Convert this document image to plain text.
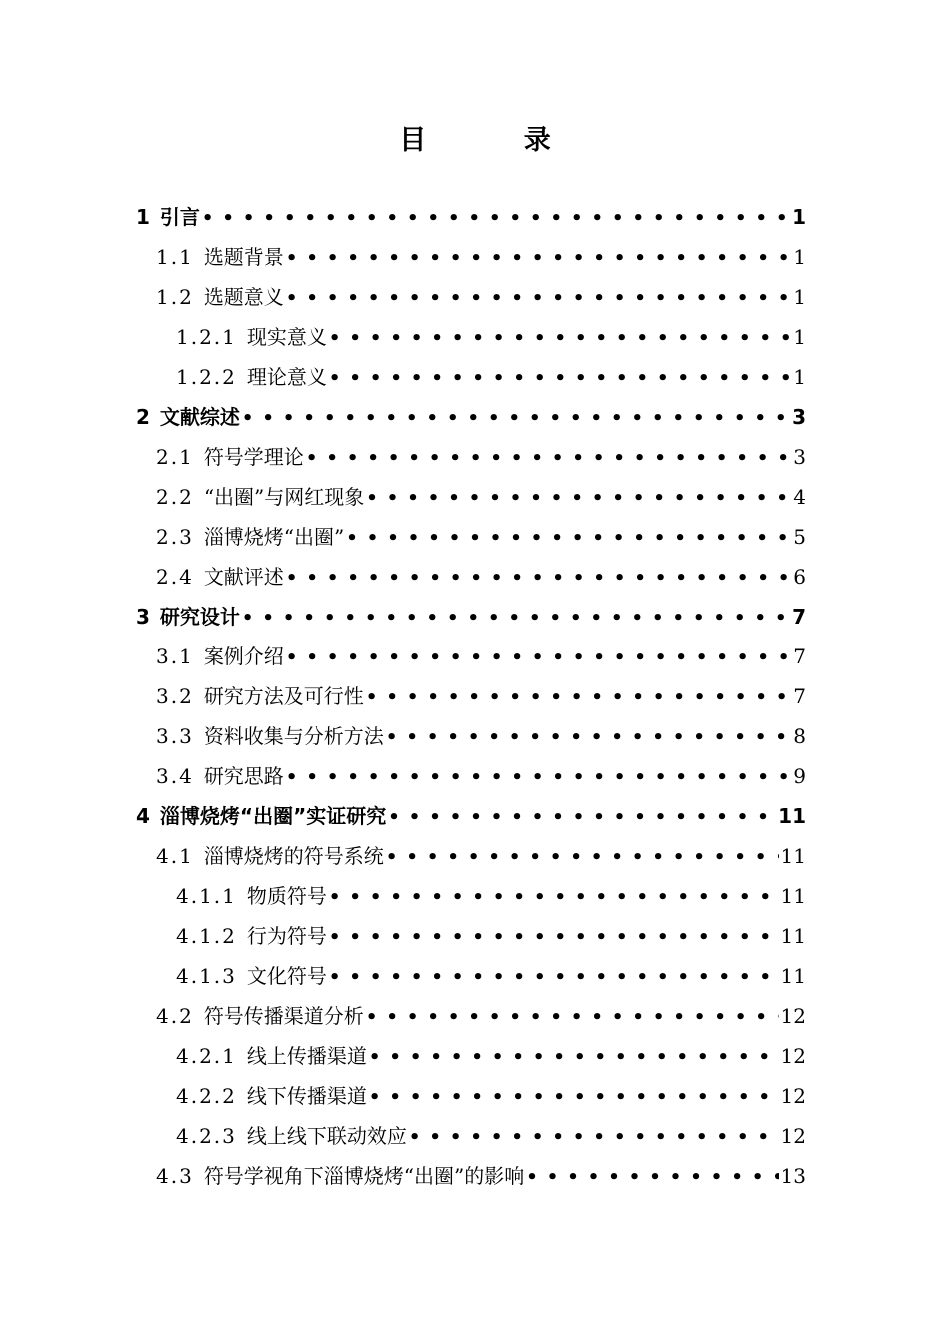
目 录
1 引言 •••••	1
1.1 选题背景 •••••	1
1.2 选题意义 •••••	1
1.2.1 现实意义 •••••	1
1.2.2 理论意义 •••••	1
2 文献综述 •••••	3
2.1 符号学理论 •••••	3
2.2 “出圈”与网红现象 •••••	4
2.3 淄博烧烤“出圈” •••••	5
2.4 文献评述 •••••	6
3 研究设计 •••••	7
3.1 案例介绍 •••••	7
3.2 研究方法及可行性 •••••	7
3.3 资料收集与分析方法 •••••	8
3.4 研究思路 •••••	9
4 淄博烧烤“出圈”实证研究 •••••	11
4.1 淄博烧烤的符号系统 •••••	11
4.1.1 物质符号 •••••	11
4.1.2 行为符号 •••••	11
4.1.3 文化符号 •••••	11
4.2 符号传播渠道分析 •••••	12
4.2.1 线上传播渠道 •••••	12
4.2.2 线下传播渠道 •••••	12
4.2.3 线上线下联动效应 •••••	12
4.3 符号学视角下淄博烧烤“出圈”的影响 •••••	13
